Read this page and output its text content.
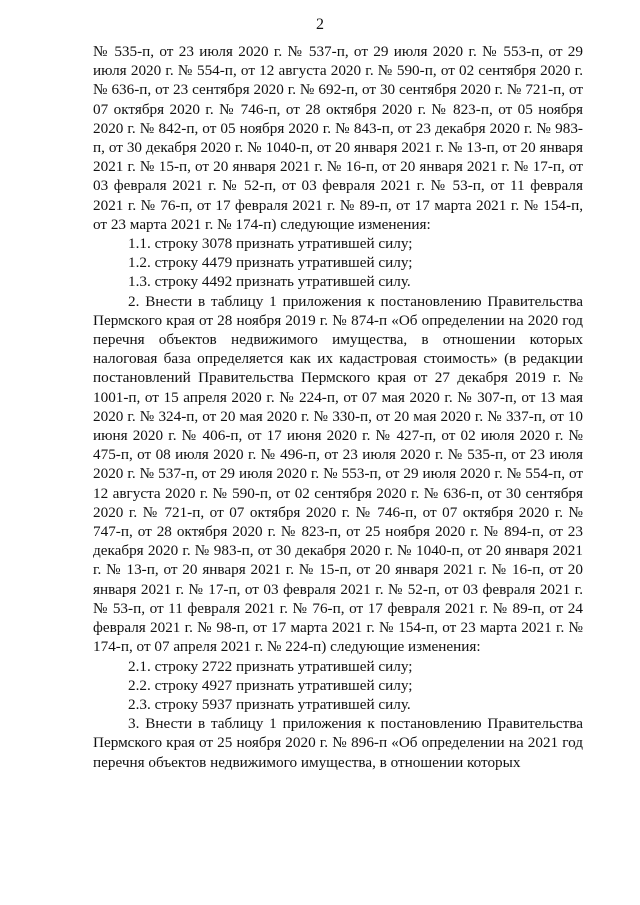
2

№ 535-п, от 23 июля 2020 г. № 537-п, от 29 июля 2020 г. № 553-п, от 29 июля 2020 г. № 554-п, от 12 августа 2020 г. № 590-п, от 02 сентября 2020 г. № 636-п, от 23 сентября 2020 г. № 692-п, от 30 сентября 2020 г. № 721-п, от 07 октября 2020 г. № 746-п, от 28 октября 2020 г. № 823-п, от 05 ноября 2020 г. № 842-п, от 05 ноября 2020 г. № 843-п, от 23 декабря 2020 г. № 983-п, от 30 декабря 2020 г. № 1040-п, от 20 января 2021 г. № 13-п, от 20 января 2021 г. № 15-п, от 20 января 2021 г. № 16-п, от 20 января 2021 г. № 17-п, от 03 февраля 2021 г. № 52-п, от 03 февраля 2021 г. № 53-п, от 11 февраля 2021 г. № 76-п, от 17 февраля 2021 г. № 89-п, от 17 марта 2021 г. № 154-п, от 23 марта 2021 г. № 174-п) следующие изменения:

1.1. строку 3078 признать утратившей силу;

1.2. строку 4479 признать утратившей силу;

1.3. строку 4492 признать утратившей силу.

2. Внести в таблицу 1 приложения к постановлению Правительства Пермского края от 28 ноября 2019 г. № 874-п «Об определении на 2020 год перечня объектов недвижимого имущества, в отношении которых налоговая база определяется как их кадастровая стоимость» (в редакции постановлений Правительства Пермского края от 27 декабря 2019 г. № 1001-п, от 15 апреля 2020 г. № 224-п, от 07 мая 2020 г. № 307-п, от 13 мая 2020 г. № 324-п, от 20 мая 2020 г. № 330-п, от 20 мая 2020 г. № 337-п, от 10 июня 2020 г. № 406-п, от 17 июня 2020 г. № 427-п, от 02 июля 2020 г. № 475-п, от 08 июля 2020 г. № 496-п, от 23 июля 2020 г. № 535-п, от 23 июля 2020 г. № 537-п, от 29 июля 2020 г. № 553-п, от 29 июля 2020 г. № 554-п, от 12 августа 2020 г. № 590-п, от 02 сентября 2020 г. № 636-п, от 30 сентября 2020 г. № 721-п, от 07 октября 2020 г. № 746-п, от 07 октября 2020 г. № 747-п, от 28 октября 2020 г. № 823-п, от 25 ноября 2020 г. № 894-п, от 23 декабря 2020 г. № 983-п, от 30 декабря 2020 г. № 1040-п, от 20 января 2021 г. № 13-п, от 20 января 2021 г. № 15-п, от 20 января 2021 г. № 16-п, от 20 января 2021 г. № 17-п, от 03 февраля 2021 г. № 52-п, от 03 февраля 2021 г. № 53-п, от 11 февраля 2021 г. № 76-п, от 17 февраля 2021 г. № 89-п, от 24 февраля 2021 г. № 98-п, от 17 марта 2021 г. № 154-п, от 23 марта 2021 г. № 174-п, от 07 апреля 2021 г. № 224-п) следующие изменения:

2.1. строку 2722 признать утратившей силу;

2.2. строку 4927 признать утратившей силу;

2.3. строку 5937 признать утратившей силу.

3. Внести в таблицу 1 приложения к постановлению Правительства Пермского края от 25 ноября 2020 г. № 896-п «Об определении на 2021 год перечня объектов недвижимого имущества, в отношении которых
